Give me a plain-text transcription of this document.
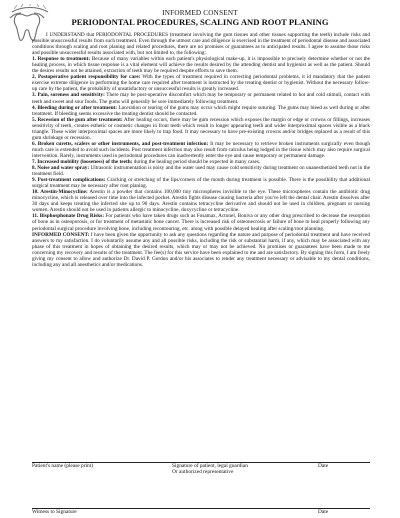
INFORMED CONSENT
PERIODONTAL PROCEDURES, SCALING AND ROOT PLANING

I UNDERSTAND that PERIODONTAL PROCEDURES (treatment involving the gum tissues and other tissues supporting the teeth) include risks and possible unsuccessful results from such treatment. Even through the utmost care and diligence is exercised in the treatment of periodontal disease and associated conditions through scaling and root planing and related procedures, there are no promises or guarantees as to anticipated results. I agree to assume those risks and possible unsuccessful results associated with, but not limited to, the following:

1. Response to treatment: Because of many variables within each patient's physiological make-up, it is impossible to precisely determine whether or not the healing process, in which tissue response is a vital element will achieve the results desired by the attending dentist and hygienist as well as the patient. Should the desires results not be attained, extraction of teeth may be required despite efforts to save them.

2. Postoperative patient responsibility for care: With the types of treatment required in correcting periodontal problems, it id mandatory that the patient exercise extreme diligence in performing the home care required after treatment is instructed by the treating dentist or hygienist. Without the necessary follow-up care by the patient, the probability of unsatisfactory or unsuccessful results is greatly increased.

3. Pain, soreness and sensitivity: There may be post-operative discomfort which may be temporary or permanent related to hot and cold stimuli, contact with teeth and sweet and sour foods. The gums will generally be sore immediately following treatment.

4. Bleeding during or after treatment: Laceration or tearing of the gums may occur which might require suturing. The gums may bleed as well during or after treatment. If bleeding seems excessive the treating dentist should be contacted.

5. Recession of the gum after treatment: After healing occurs, there may be gum recession which exposes the margin or edge or crowns or fillings, increases sensitivity of teeth, creates esthetic or cosmetic changes in front teeth which result in longer appearing teeth and wider interproximal spaces visible as a black triangle. These wider interproximal spaces are more likely to trap food. It may necessary to have pre-existing crowns and/or bridges replaced as a result of this gum shrinkage or recession.

6. Broken curetts, scalers or other instruments, and post-treatment infection: It may be necessary to retrieve broken instruments surgically even though much care is extended to avoid such incidents. Post treatment infection may also result from calculus being lodged in the tissue which may also require surgical intervention. Rarely, instruments used in periodontal procedures can inadvertently enter the eye and cause temporary or permanent damage.

7. Increased mobility (looseness) of the teeth: during the healing period should be expected in many cases.

8. Noise and water spray: Ultrasonic instrumentation is noisy and the water used may cause cold sensitivity during treatment on unanesthetized teeth not in the treatment field.

9. Post-treatment complications: Cracking or stretching of the lips/corners of the mouth during treatment is possible. There is the possibility that additional surgical treatment may be necessary after root planing.

10. Arestin-Minocycline: Arestin is a powder that contains 100,000 tiny microspheres invisible to the eye. These microspheres contain the antibiotic drug minocycline, which is released over time into the infected pocket. Arestin fights disease causing bacteria after you've left the dental chair. Arestin dissolves after 30 days and keeps treating the infected site up to 90 days. Arestin contains tetracycline derivative and should not be used in children, pregnant or nursing women. Arestin should not be used in patients allergic to minocycline, doxycycline or tetracycline.

11. Bisphosphonate Drug Risks: For patients who have taken drugs such as Fosamax, Actonel, Boniva or any other drug prescribed to decrease the resorption of bone as in osteoporosis, or for treatment of metastatic bone cancer. There is increased risk of osteonecrosis or failure of bone to heal properly following any periodontal surgical procedure involving bone, including recontouring, etc. along with possible delayed healing after scaling/root planning.

INFORMED CONSENT: I have been given the opportunity to ask any questions regarding the nature and purpose of periodontal treatment and have received answers to my satisfaction. I do voluntarily assume any and all possible risks, including the risk or substantial harm, if any, which may be associated with any phase of this treatment in hopes of obtaining the desired results, which may or may not be achieved. No promises or guarantees have been made to me concerning my recovery and results of the treatment. The fee(s) for this service have been explained to me and are satisfactory. By signing this form, I am freely giving my consent to allow and authorize Dr. David P. Gordon and/or his associates to render any treatment necessary or advisable to my dental conditions, including any and all anesthetics and/or medications.

Patient's name (please print)	Signature of patient, legal guardian
Or authorized representative
Date
Witness to Signature	Date
